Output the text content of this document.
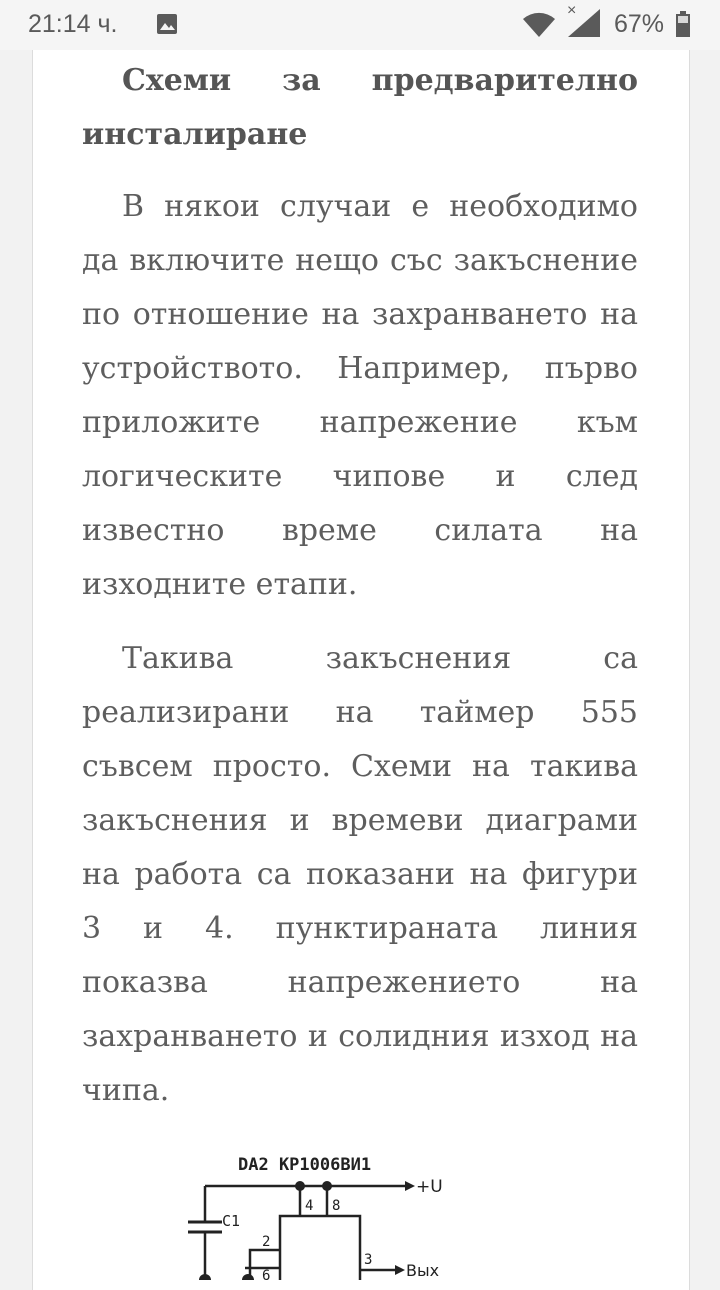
21:14 ч.	× 67%

Схеми за предварително инсталиране

В някои случаи е необходимо да включите нещо със закъснение по отношение на захранването на устройството. Например, първо приложите напрежение към логическите чипове и след известно време силата на изходните етапи.

Такива закъснения са реализирани на таймер 555 съвсем просто. Схеми на такива закъснения и времеви диаграми на работа са показани на фигури 3 и 4. пунктираната линия показва напрежението на захранването и солидния изход на чипа.

DA2 КР1006ВИ1
+U
C1
4 8
2
6
3
Вых
